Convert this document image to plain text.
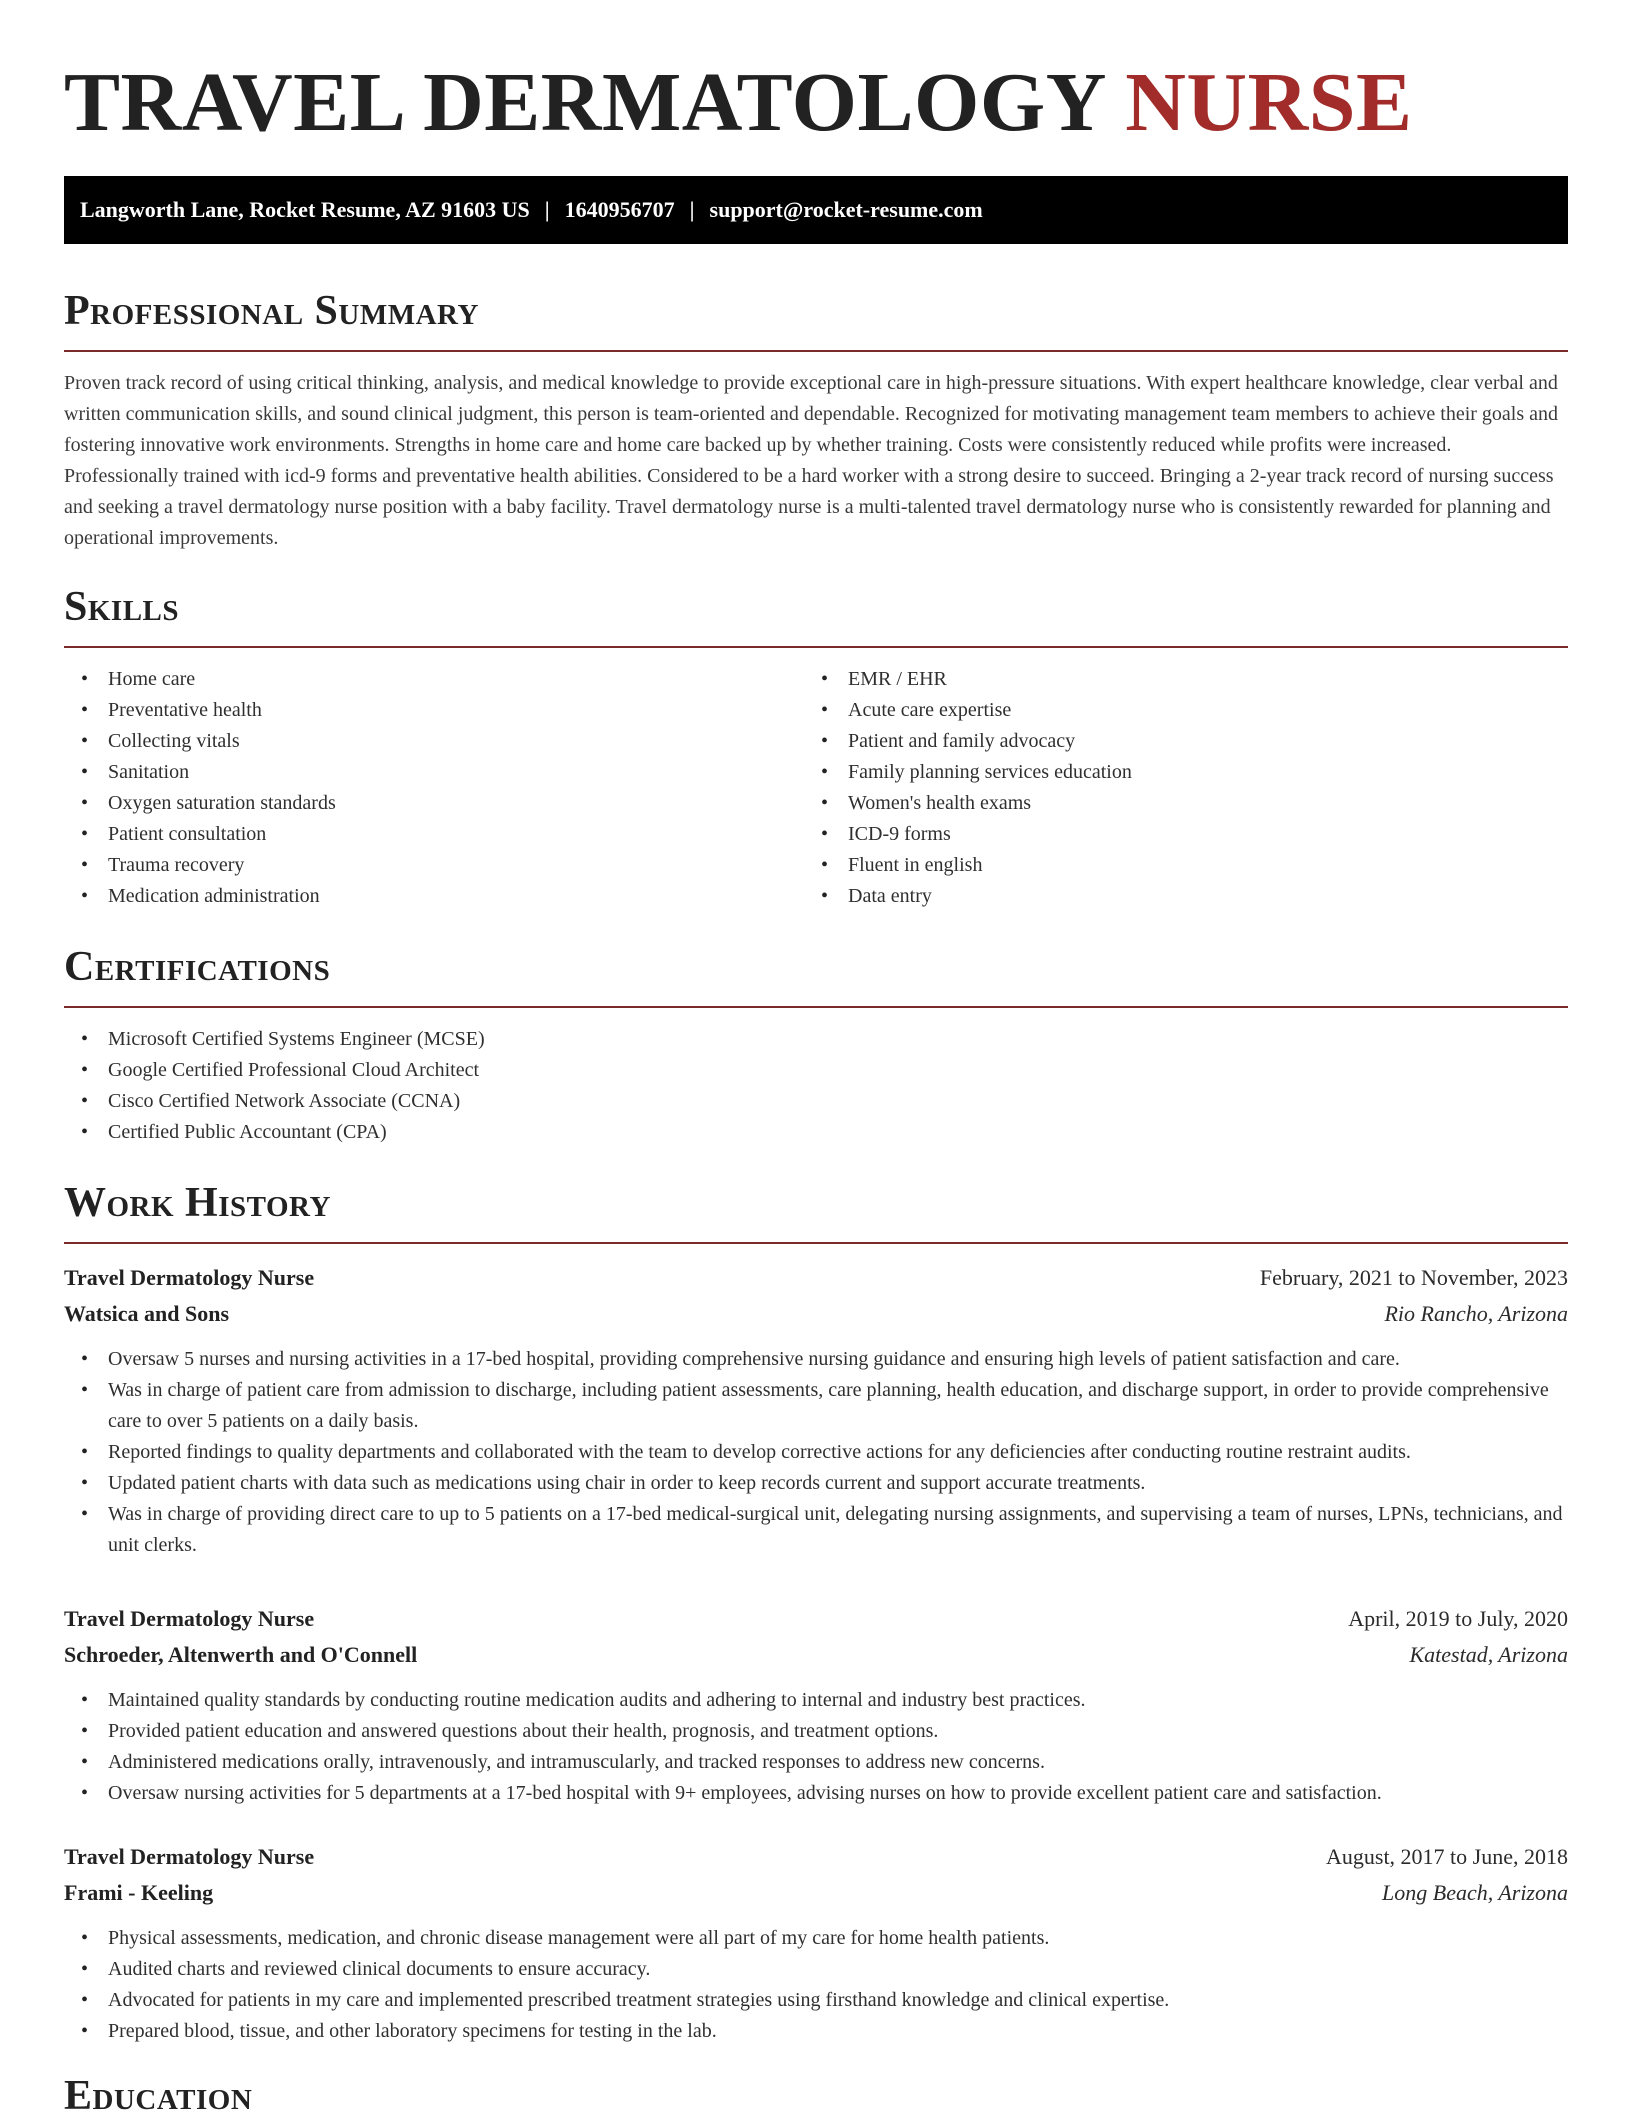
TRAVEL DERMATOLOGY NURSE
Langworth Lane, Rocket Resume, AZ 91603 US | 1640956707 | support@rocket-resume.com
Professional Summary

Proven track record of using critical thinking, analysis, and medical knowledge to provide exceptional care in high-pressure situations. With expert healthcare knowledge, clear verbal and written communication skills, and sound clinical judgment, this person is team-oriented and dependable. Recognized for motivating management team members to achieve their goals and fostering innovative work environments. Strengths in home care and home care backed up by whether training. Costs were consistently reduced while profits were increased. Professionally trained with icd-9 forms and preventative health abilities. Considered to be a hard worker with a strong desire to succeed. Bringing a 2-year track record of nursing success and seeking a travel dermatology nurse position with a baby facility. Travel dermatology nurse is a multi-talented travel dermatology nurse who is consistently rewarded for planning and operational improvements.

Skills
• Home care
• Preventative health
• Collecting vitals
• Sanitation
• Oxygen saturation standards
• Patient consultation
• Trauma recovery
• Medication administration
• EMR / EHR
• Acute care expertise
• Patient and family advocacy
• Family planning services education
• Women's health exams
• ICD-9 forms
• Fluent in english
• Data entry
Certifications
• Microsoft Certified Systems Engineer (MCSE)
• Google Certified Professional Cloud Architect
• Cisco Certified Network Associate (CCNA)
• Certified Public Accountant (CPA)
Work History
Travel Dermatology Nurse	February, 2021 to November, 2023
Watsica and Sons	Rio Rancho, Arizona
• Oversaw 5 nurses and nursing activities in a 17-bed hospital, providing comprehensive nursing guidance and ensuring high levels of patient satisfaction and care.
• Was in charge of patient care from admission to discharge, including patient assessments, care planning, health education, and discharge support, in order to provide comprehensive care to over 5 patients on a daily basis.
• Reported findings to quality departments and collaborated with the team to develop corrective actions for any deficiencies after conducting routine restraint audits.
• Updated patient charts with data such as medications using chair in order to keep records current and support accurate treatments.
• Was in charge of providing direct care to up to 5 patients on a 17-bed medical-surgical unit, delegating nursing assignments, and supervising a team of nurses, LPNs, technicians, and unit clerks.
Travel Dermatology Nurse	April, 2019 to July, 2020
Schroeder, Altenwerth and O'Connell	Katestad, Arizona
• Maintained quality standards by conducting routine medication audits and adhering to internal and industry best practices.
• Provided patient education and answered questions about their health, prognosis, and treatment options.
• Administered medications orally, intravenously, and intramuscularly, and tracked responses to address new concerns.
• Oversaw nursing activities for 5 departments at a 17-bed hospital with 9+ employees, advising nurses on how to provide excellent patient care and satisfaction.
Travel Dermatology Nurse	August, 2017 to June, 2018
Frami - Keeling	Long Beach, Arizona
• Physical assessments, medication, and chronic disease management were all part of my care for home health patients.
• Audited charts and reviewed clinical documents to ensure accuracy.
• Advocated for patients in my care and implemented prescribed treatment strategies using firsthand knowledge and clinical expertise.
• Prepared blood, tissue, and other laboratory specimens for testing in the lab.
Education
